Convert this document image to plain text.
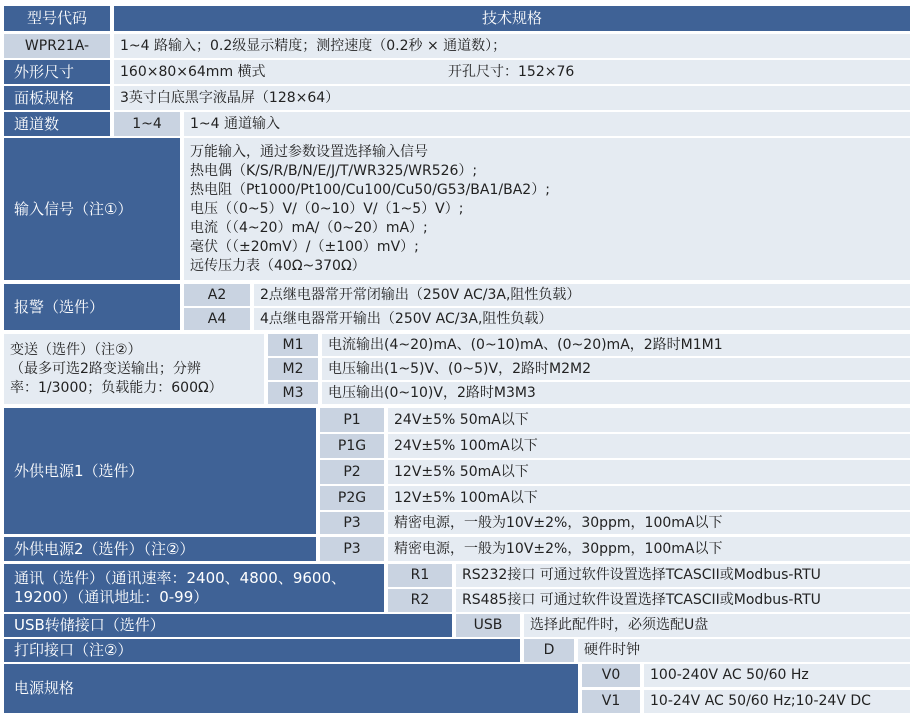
型号代码	技术规格
WPR21A-	1~4 路输入；0.2级显示精度；测控速度（0.2秒 × 通道数）；
外形尺寸	160×80×64mm 横式	开孔尺寸：152×76
面板规格	3英寸白底黑字液晶屏（128×64）
通道数	1~4	1~4 通道输入
输入信号（注①）
万能输入，通过参数设置选择输入信号
热电偶（K/S/R/B/N/E/J/T/WR325/WR526）;
热电阻（Pt1000/Pt100/Cu100/Cu50/G53/BA1/BA2）;
电压（（0~5）V/（0~10）V/（1~5）V）;
电流（（4~20）mA/（0~20）mA）;
毫伏（（±20mV）/（±100）mV）;
远传压力表（40Ω~370Ω）
报警（选件）
A2	2点继电器常开常闭输出（250V AC/3A,阻性负载）
A4	4点继电器常开输出（250V AC/3A,阻性负载）
变送（选件）（注②）
（最多可选2路变送输出；分辨
率：1/3000；负载能力：600Ω）
M1	电流输出(4~20)mA、(0~10)mA、(0~20)mA，2路时M1M1
M2	电压输出(1~5)V、(0~5)V，2路时M2M2
M3	电压输出(0~10)V，2路时M3M3
外供电源1（选件）
P1	24V±5% 50mA以下
P1G	24V±5% 100mA以下
P2	12V±5% 50mA以下
P2G	12V±5% 100mA以下
P3	精密电源，一般为10V±2%，30ppm，100mA以下
外供电源2（选件）（注②）	P3	精密电源，一般为10V±2%，30ppm，100mA以下
通讯（选件）（通讯速率：2400、4800、9600、
19200）（通讯地址：0-99）
R1	RS232接口 可通过软件设置选择TCASCII或Modbus-RTU
R2	RS485接口 可通过软件设置选择TCASCII或Modbus-RTU
USB转储接口（选件）	USB	选择此配件时，必须选配U盘
打印接口（注②）	D	硬件时钟
电源规格
V0	100-240V AC 50/60 Hz
V1	10-24V AC 50/60 Hz;10-24V DC
